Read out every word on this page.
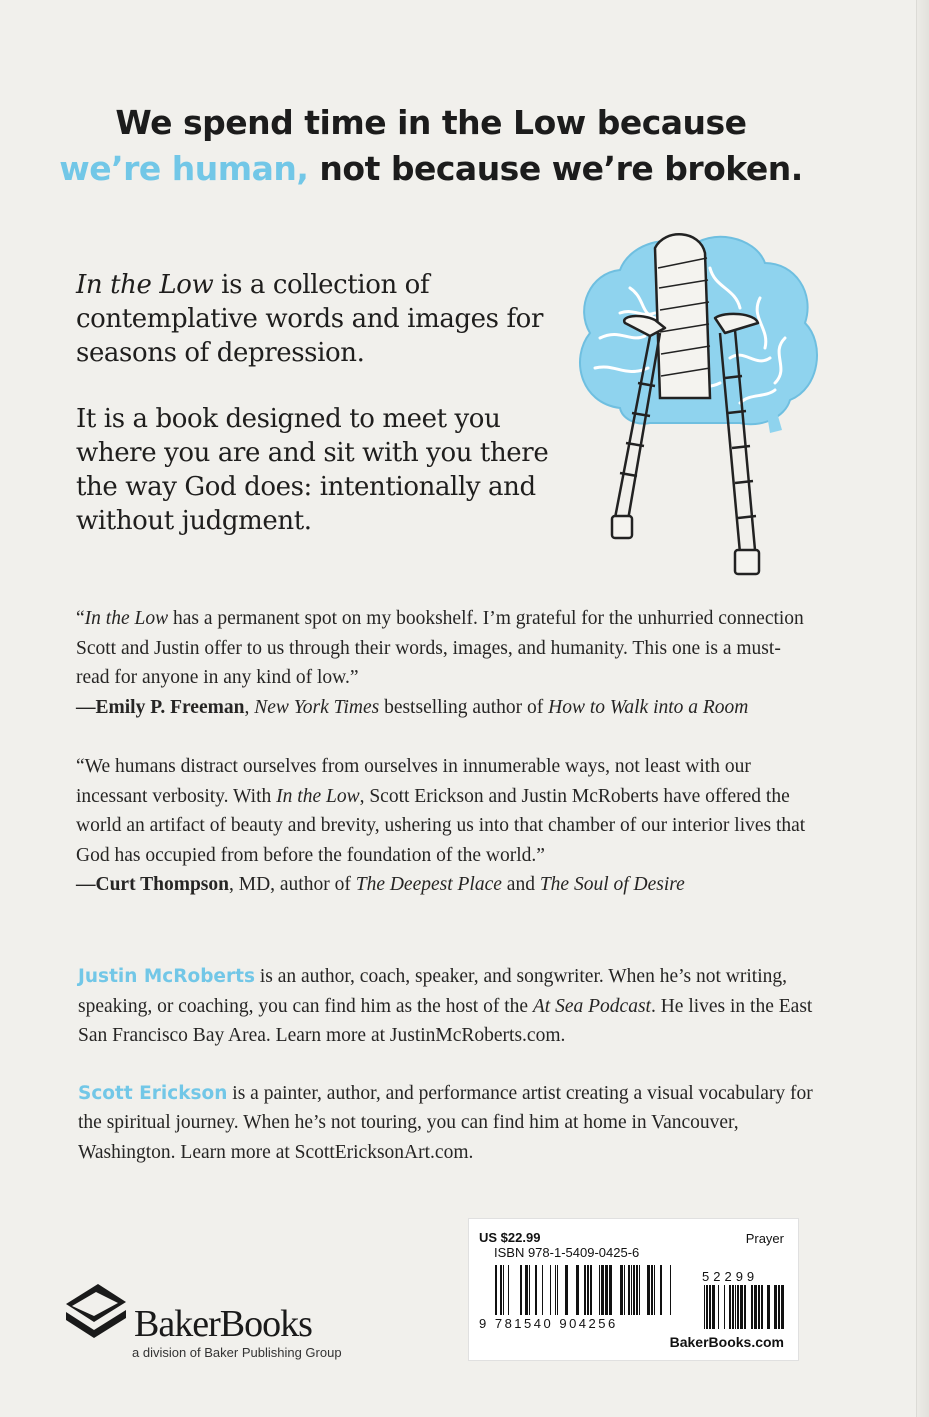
We spend time in the Low because
we’re human, not because we’re broken.

In the Low is a collection of contemplative words and images for seasons of depression.

It is a book designed to meet you where you are and sit with you there the way God does: intentionally and without judgment.

“In the Low has a permanent spot on my bookshelf. I’m grateful for the unhurried connection Scott and Justin offer to us through their words, images, and humanity. This one is a must-read for anyone in any kind of low.”
—Emily P. Freeman, New York Times bestselling author of How to Walk into a Room

“We humans distract ourselves from ourselves in innumerable ways, not least with our incessant verbosity. With In the Low, Scott Erickson and Justin McRoberts have offered the world an artifact of beauty and brevity, ushering us into that chamber of our interior lives that God has occupied from before the foundation of the world.”
—Curt Thompson, MD, author of The Deepest Place and The Soul of Desire

Justin McRoberts is an author, coach, speaker, and songwriter. When he’s not writing, speaking, or coaching, you can find him as the host of the At Sea Podcast. He lives in the East San Francisco Bay Area. Learn more at JustinMcRoberts.com.

Scott Erickson is a painter, author, and performance artist creating a visual vocabulary for the spiritual journey. When he’s not touring, you can find him at home in Vancouver, Washington. Learn more at ScottEricksonArt.com.

BakerBooks
a division of Baker Publishing Group
US $22.99	Prayer
ISBN 978-1-5409-0425-6
52299
9 781540 904256
BakerBooks.com
